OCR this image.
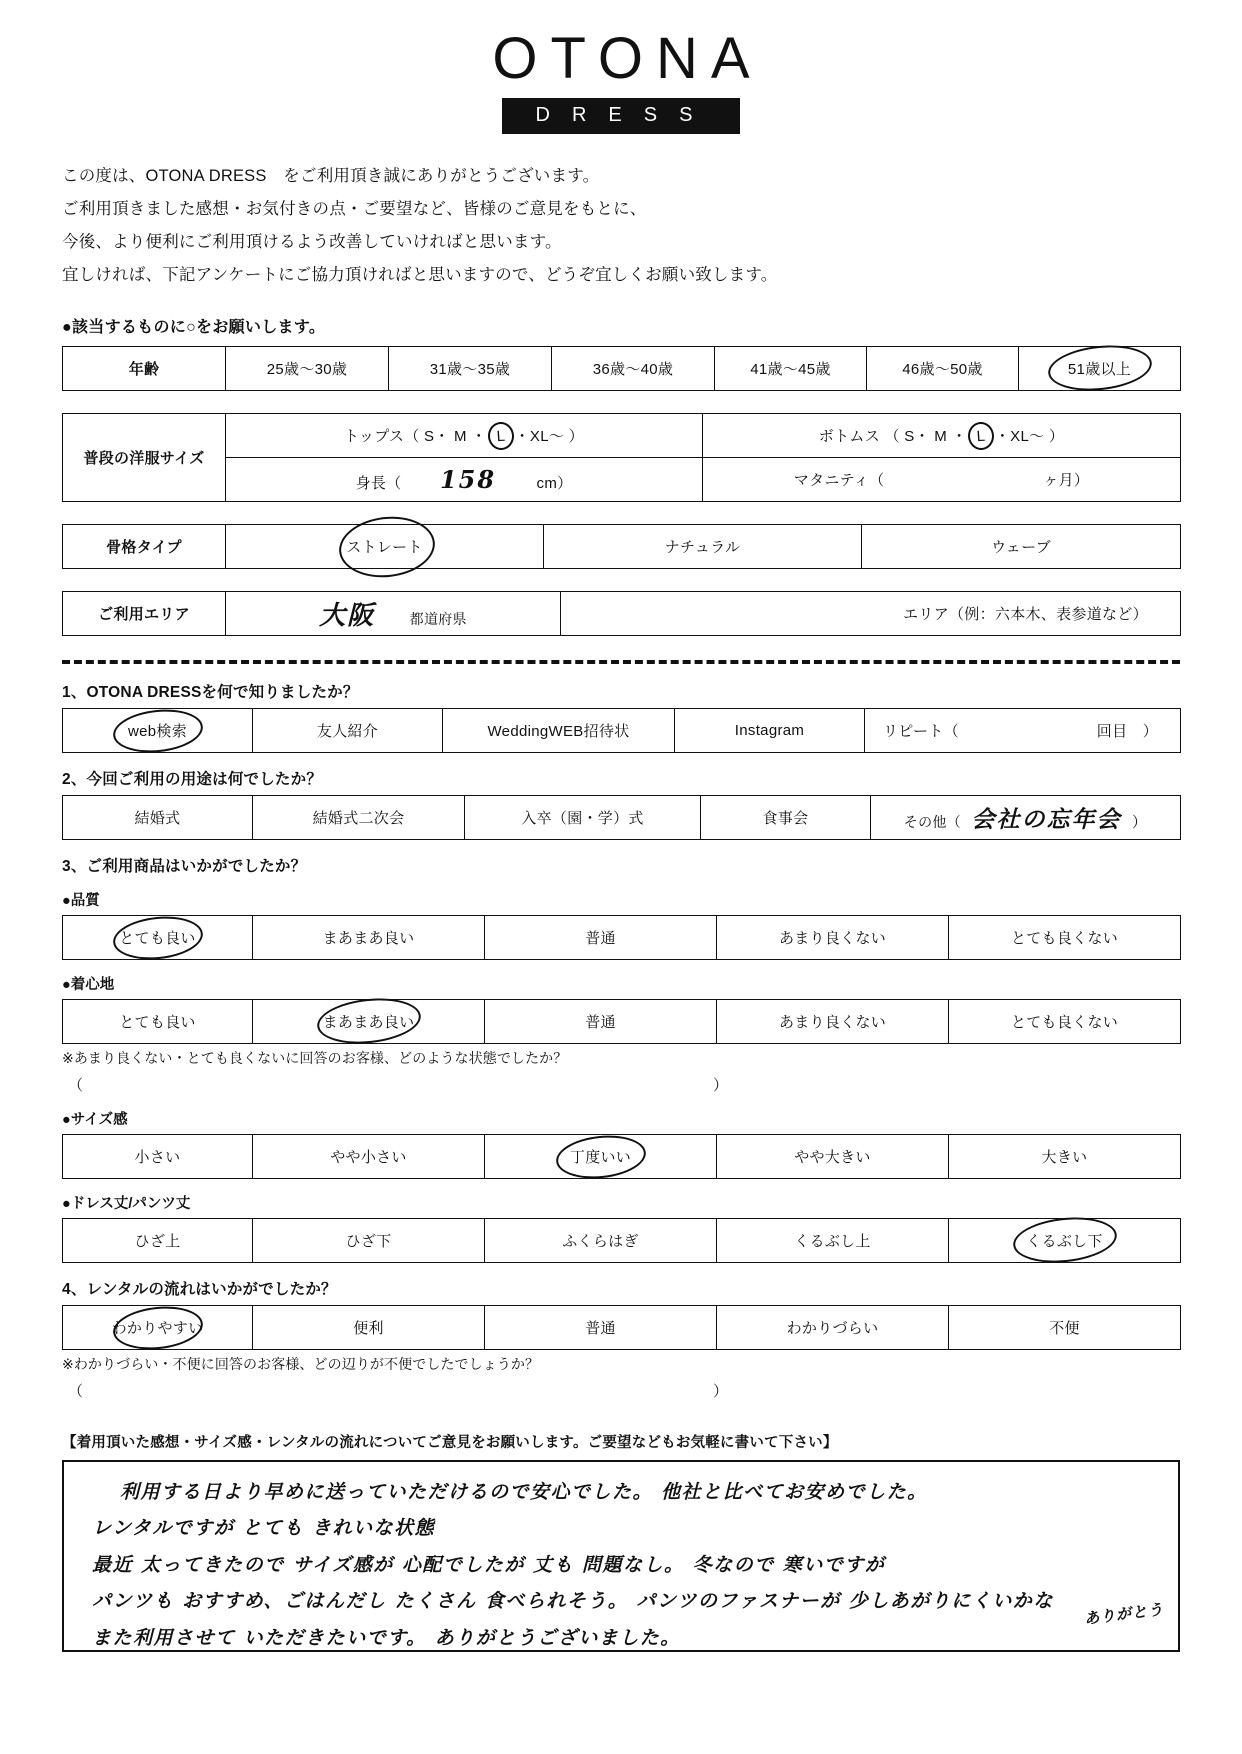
OTONA
DRESS
この度は、OTONA DRESS　をご利用頂き誠にありがとうございます。
ご利用頂きました感想・お気付きの点・ご要望など、皆様のご意見をもとに、
今後、より便利にご利用頂けるよう改善していければと思います。
宜しければ、下記アンケートにご協力頂ければと思いますので、どうぞ宜しくお願い致します。
●該当するものに○をお願いします。
年齢	25歳〜30歳	31歳〜35歳	36歳〜40歳	41歳〜45歳	46歳〜50歳	51歳以上
普段の洋服サイズ	トップス（ S・ M ・ L ・XL〜 ）	ボトムス （ S・ M ・ L ・XL〜 ）
	身長（ 158 cm）	マタニティ（ ヶ月）
骨格タイプ	ストレート	ナチュラル	ウェーブ
ご利用エリア	大阪 都道府県	エリア（例：六本木、表参道など）
1、OTONA DRESSを何で知りましたか？
web検索	友人紹介	WeddingWEB招待状	Instagram	リピート（	回目　）
2、今回ご利用の用途は何でしたか？
結婚式	結婚式二次会	入卒（園・学）式	食事会	その他（ 会社の忘年会 ）
3、ご利用商品はいかがでしたか？
●品質
とても良い	まあまあ良い	普通	あまり良くない	とても良くない
●着心地
とても良い	まあまあ良い	普通	あまり良くない	とても良くない
※あまり良くない・とても良くないに回答のお客様、どのような状態でしたか？
（	）
●サイズ感
小さい	やや小さい	丁度いい	やや大きい	大きい
●ドレス丈/パンツ丈
ひざ上	ひざ下	ふくらはぎ	くるぶし上	くるぶし下
4、レンタルの流れはいかがでしたか？
わかりやすい	便利	普通	わかりづらい	不便
※わかりづらい・不便に回答のお客様、どの辺りが不便でしたでしょうか？
（	）
【着用頂いた感想・サイズ感・レンタルの流れについてご意見をお願いします。ご要望などもお気軽に書いて下さい】
利用する日より早めに送っていただけるので安心でした。 他社と比べてお安めでした。
レンタルですが とても きれいな状態
最近 太ってきたので サイズ感が 心配でしたが 丈も 問題なし。 冬なので 寒いですが
パンツも おすすめ、ごはんだし たくさん 食べられそう。 パンツのファスナーが 少しあがりにくいかな
また利用させて いただきたいです。 ありがとうございました。
ありがとう
